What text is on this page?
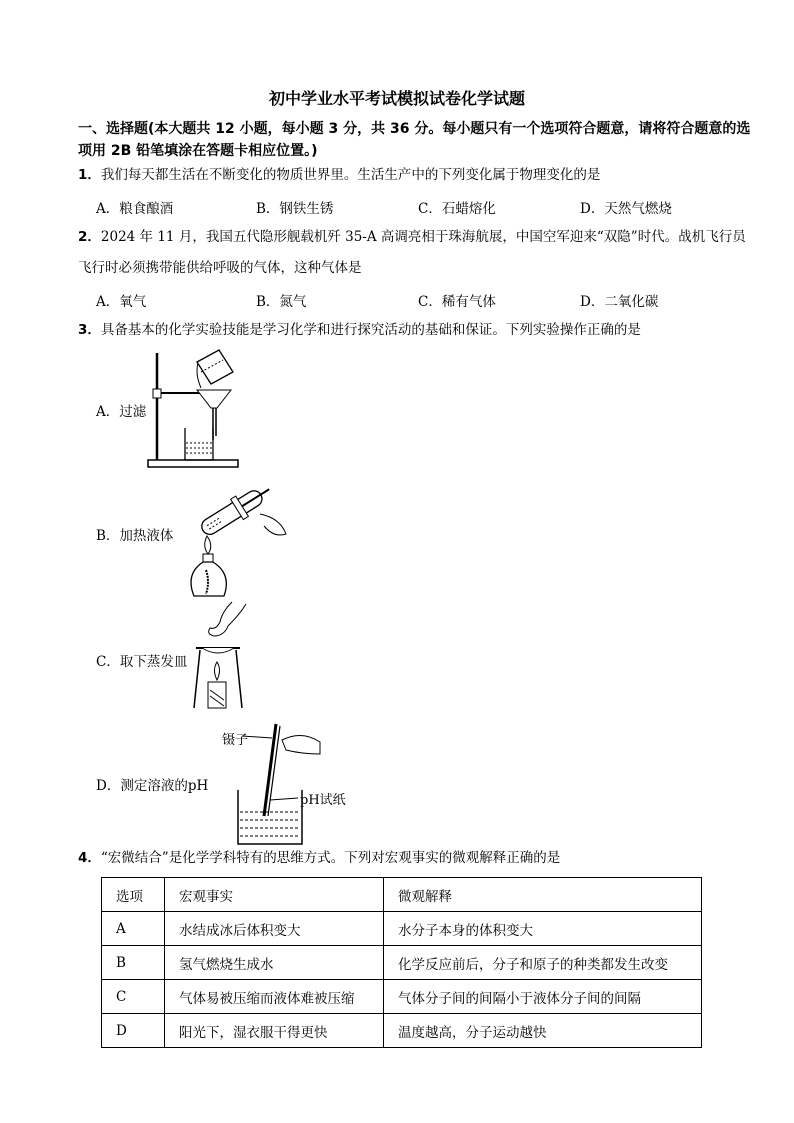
初中学业水平考试模拟试卷化学试题
一、选择题(本大题共 12 小题，每小题 3 分，共 36 分。每小题只有一个选项符合题意，请将符合题意的选项用 2B 铅笔填涂在答题卡相应位置。)
1．我们每天都生活在不断变化的物质世界里。生活生产中的下列变化属于物理变化的是
A．粮食酿酒	B．钢铁生锈	C．石蜡熔化	D．天然气燃烧
2．2024 年 11 月，我国五代隐形舰载机歼 35-A 高调亮相于珠海航展，中国空军迎来“双隐”时代。战机飞行员飞行时必须携带能供给呼吸的气体，这种气体是
A．氧气	B．氮气	C．稀有气体	D．二氧化碳
3．具备基本的化学实验技能是学习化学和进行探究活动的基础和保证。下列实验操作正确的是
A．过滤
B．加热液体
C．取下蒸发皿
D．测定溶液的pH
镊子
pH试纸
4．“宏微结合”是化学学科特有的思维方式。下列对宏观事实的微观解释正确的是
选项	宏观事实	微观解释
A	水结成冰后体积变大	水分子本身的体积变大
B	氢气燃烧生成水	化学反应前后，分子和原子的种类都发生改变
C	气体易被压缩而液体难被压缩	气体分子间的间隔小于液体分子间的间隔
D	阳光下，湿衣服干得更快	温度越高，分子运动越快
